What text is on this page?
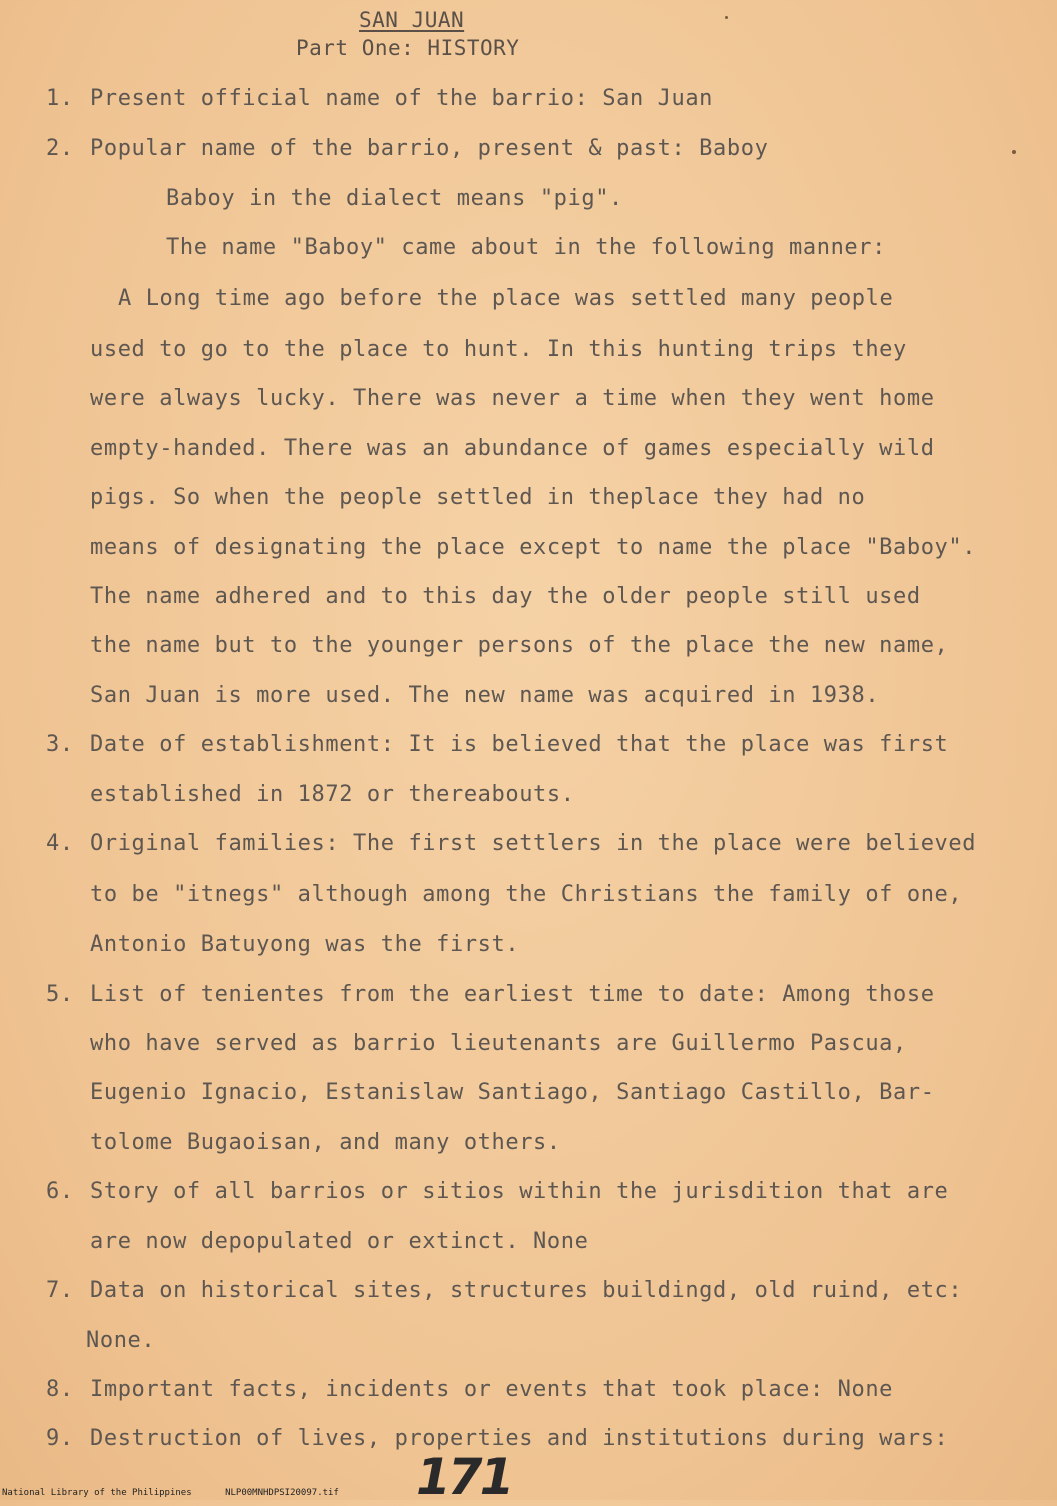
SAN JUAN
Part One: HISTORY
1. Present official name of the barrio: San Juan
2. Popular name of the barrio, present & past: Baboy
Baboy in the dialect means "pig".
The name "Baboy" came about in the following manner:
A Long time ago before the place was settled many people
used to go to the place to hunt. In this hunting trips they
were always lucky. There was never a time when they went home
empty-handed. There was an abundance of games especially wild
pigs. So when the people settled in theplace they had no
means of designating the place except to name the place "Baboy".
The name adhered and to this day the older people still used
the name but to the younger persons of the place the new name,
San Juan is more used. The new name was acquired in 1938.
3. Date of establishment: It is believed that the place was first
established in 1872 or thereabouts.
4. Original families: The first settlers in the place were believed
to be "itnegs" although among the Christians the family of one,
Antonio Batuyong was the first.
5. List of tenientes from the earliest time to date: Among those
who have served as barrio lieutenants are Guillermo Pascua,
Eugenio Ignacio, Estanislaw Santiago, Santiago Castillo, Bar-
tolome Bugaoisan, and many others.
6. Story of all barrios or sitios within the jurisdition that are
are now depopulated or extinct. None
7. Data on historical sites, structures buildingd, old ruind, etc:
None.
8. Important facts, incidents or events that took place: None
9. Destruction of lives, properties and institutions during wars:
171
National Library of the Philippines	NLP00MNHDPSI20097.tif
